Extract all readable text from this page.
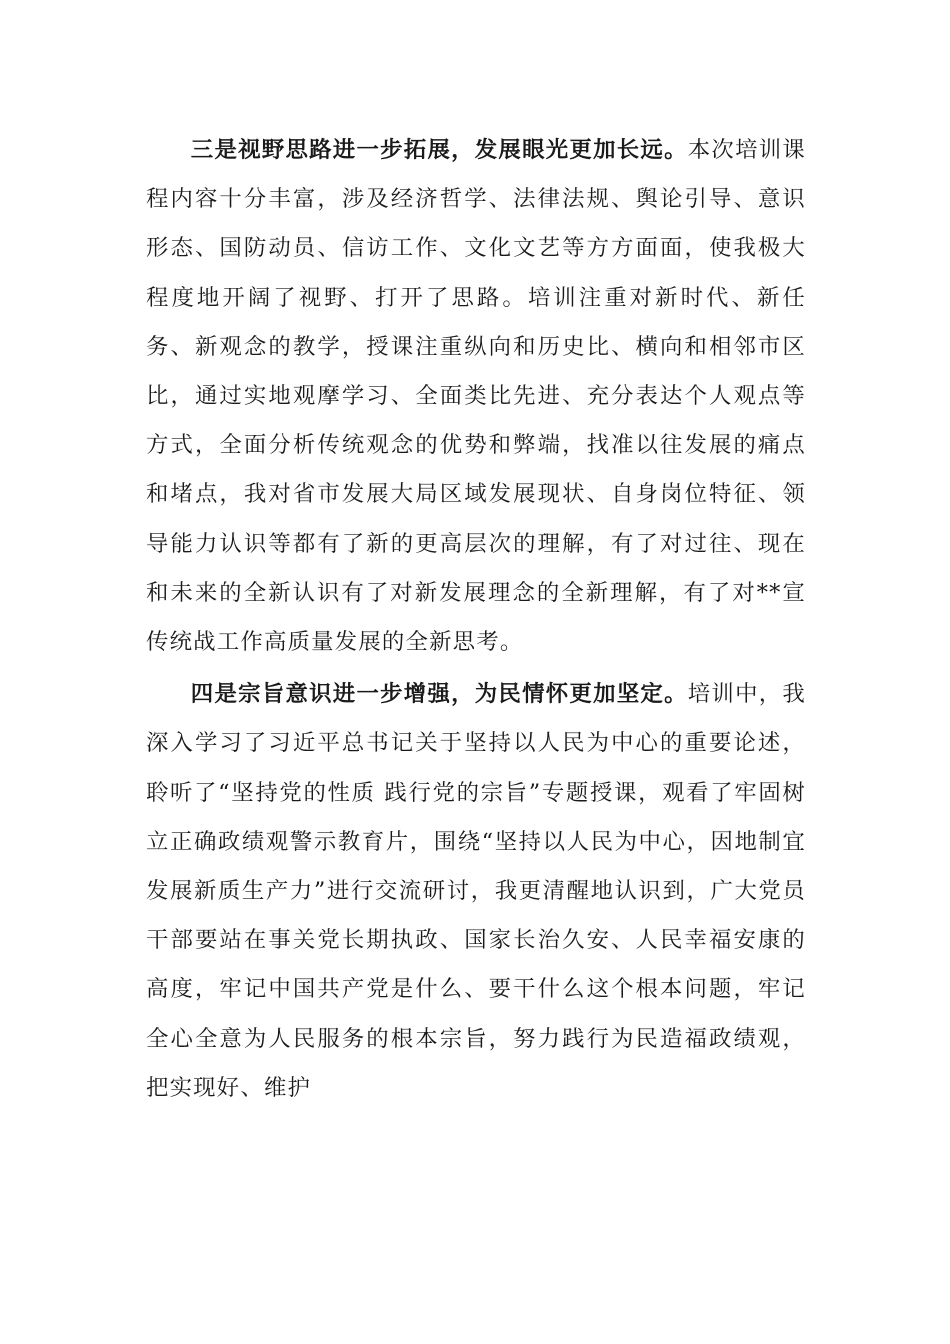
三是视野思路进一步拓展，发展眼光更加长远。本次培训课程内容十分丰富，涉及经济哲学、法律法规、舆论引导、意识形态、国防动员、信访工作、文化文艺等方方面面，使我极大程度地开阔了视野、打开了思路。培训注重对新时代、新任务、新观念的教学，授课注重纵向和历史比、横向和相邻市区比，通过实地观摩学习、全面类比先进、充分表达个人观点等方式，全面分析传统观念的优势和弊端，找准以往发展的痛点和堵点，我对省市发展大局区域发展现状、自身岗位特征、领导能力认识等都有了新的更高层次的理解，有了对过往、现在和未来的全新认识有了对新发展理念的全新理解，有了对**宣传统战工作高质量发展的全新思考。

四是宗旨意识进一步增强，为民情怀更加坚定。培训中，我深入学习了习近平总书记关于坚持以人民为中心的重要论述，聆听了“坚持党的性质 践行党的宗旨”专题授课，观看了牢固树立正确政绩观警示教育片，围绕“坚持以人民为中心，因地制宜发展新质生产力”进行交流研讨，我更清醒地认识到，广大党员干部要站在事关党长期执政、国家长治久安、人民幸福安康的高度，牢记中国共产党是什么、要干什么这个根本问题，牢记全心全意为人民服务的根本宗旨，努力践行为民造福政绩观，把实现好、维护
